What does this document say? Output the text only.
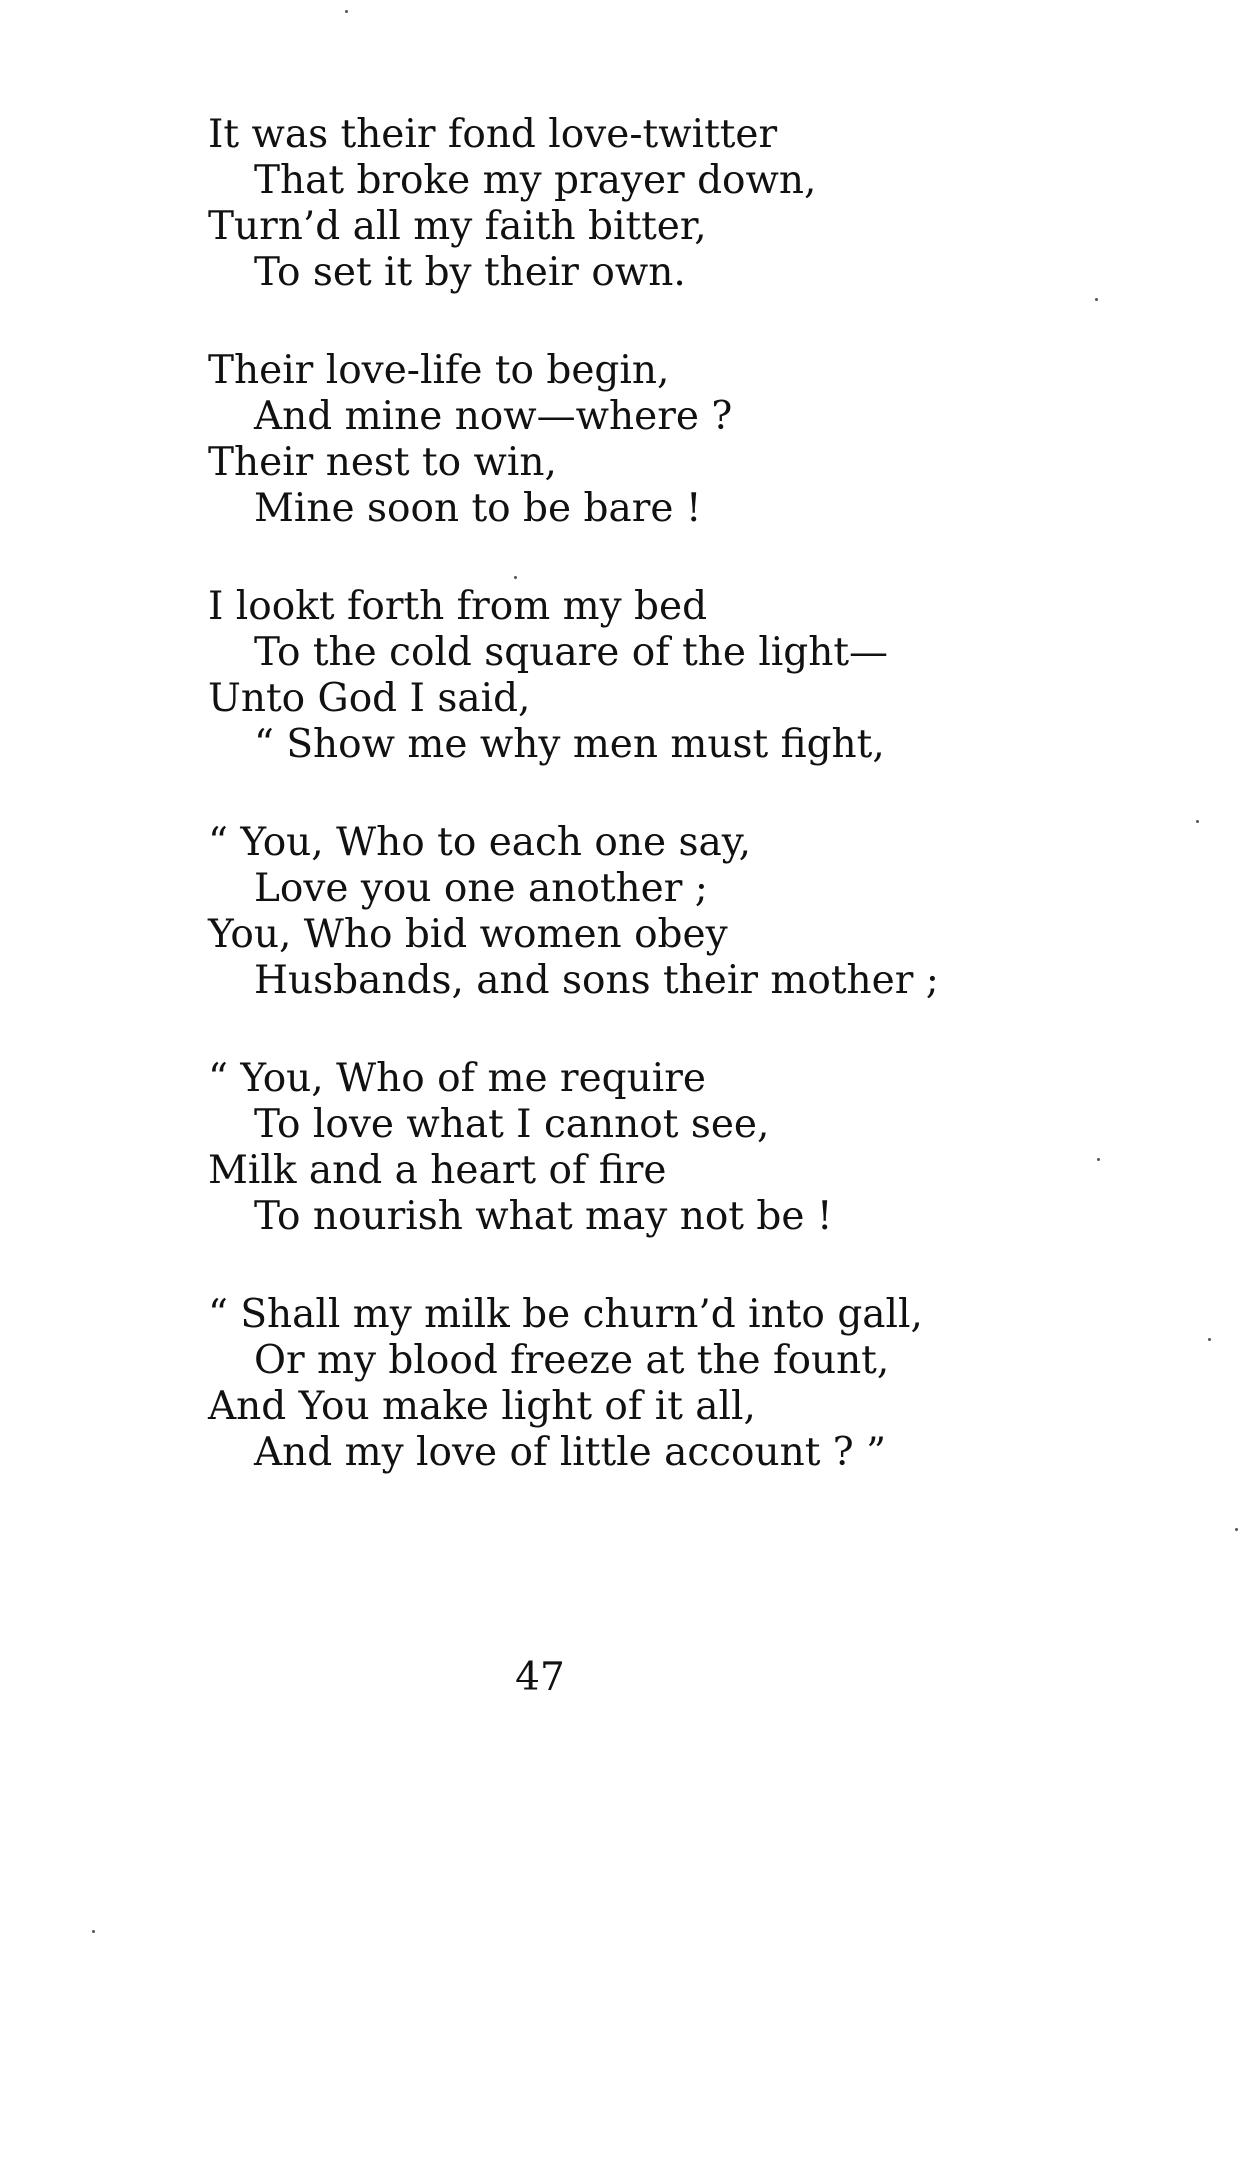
It was their fond love-twitter
That broke my prayer down,
Turn’d all my faith bitter,
To set it by their own.
Their love-life to begin,
And mine now—where ?
Their nest to win,
Mine soon to be bare !
I lookt forth from my bed
To the cold square of the light—
Unto God I said,
“ Show me why men must fight,
“ You, Who to each one say,
Love you one another ;
You, Who bid women obey
Husbands, and sons their mother ;
“ You, Who of me require
To love what I cannot see,
Milk and a heart of fire
To nourish what may not be !
“ Shall my milk be churn’d into gall,
Or my blood freeze at the fount,
And You make light of it all,
And my love of little account ? ”
47
